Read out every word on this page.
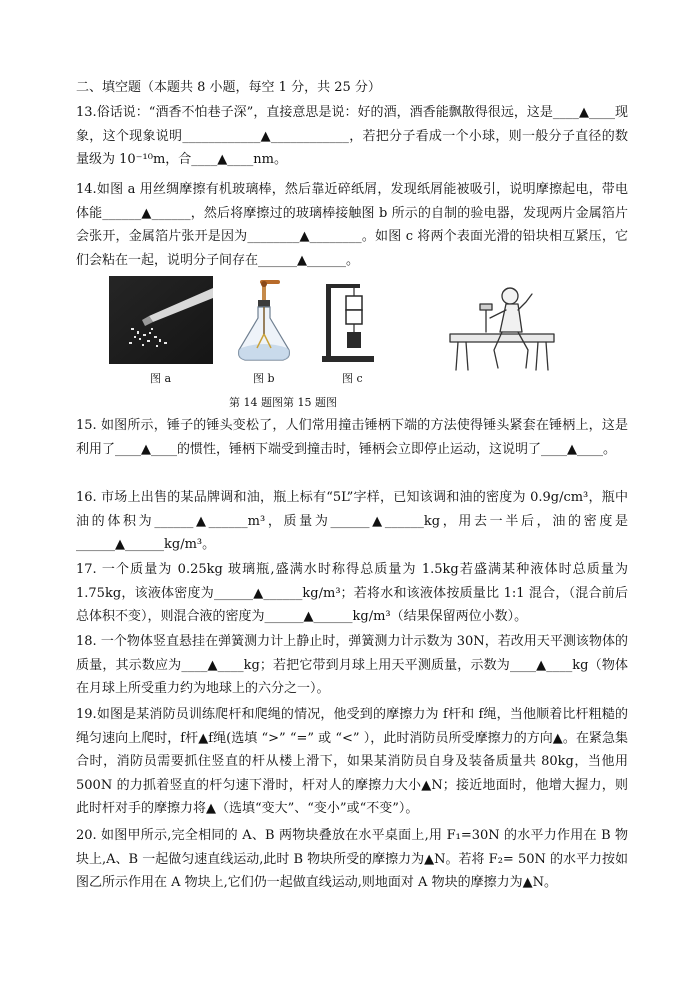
二、填空题（本题共 8 小题，每空 1 分，共 25 分）
13.俗话说：“酒香不怕巷子深”，直接意思是说：好的酒，酒香能飘散得很远，这是____▲____现象，这个现象说明____________▲____________，若把分子看成一个小球，则一般分子直径的数量级为 10⁻¹⁰m，合____▲____nm。
14.如图 a 用丝绸摩擦有机玻璃棒，然后靠近碎纸屑，发现纸屑能被吸引，说明摩擦起电，带电体能______▲______，然后将摩擦过的玻璃棒接触图 b 所示的自制的验电器，发现两片金属箔片会张开，金属箔片张开是因为________▲________。如图 c 将两个表面光滑的铅块相互紧压，它们会粘在一起，说明分子间存在______▲______。
图 a	图 b	图 c
第 14 题图第 15 题图
15. 如图所示，锤子的锤头变松了，人们常用撞击锤柄下端的方法使得锤头紧套在锤柄上，这是利用了____▲____的惯性，锤柄下端受到撞击时，锤柄会立即停止运动，这说明了____▲____。
16. 市场上出售的某品牌调和油，瓶上标有“5L”字样，已知该调和油的密度为 0.9g/cm³，瓶中油的体积为______▲______m³，质量为______▲______kg，用去一半后，油的密度是______▲______kg/m³。
17. 一个质量为 0.25kg 玻璃瓶,盛满水时称得总质量为 1.5kg若盛满某种液体时总质量为 1.75kg，该液体密度为______▲______kg/m³；若将水和该液体按质量比 1:1 混合，（混合前后总体积不变），则混合液的密度为______▲______kg/m³（结果保留两位小数）。
18. 一个物体竖直悬挂在弹簧测力计上静止时，弹簧测力计示数为 30N，若改用天平测该物体的质量，其示数应为____▲____kg；若把它带到月球上用天平测质量，示数为____▲____kg（物体在月球上所受重力约为地球上的六分之一）。
19.如图是某消防员训练爬杆和爬绳的情况，他受到的摩擦力为 f杆和 f绳，当他顺着比杆粗糙的绳匀速向上爬时，f杆▲f绳(选填 “>” “=” 或 “<” ），此时消防员所受摩擦力的方向▲。在紧急集合时，消防员需要抓住竖直的杆从楼上滑下，如果某消防员自身及装备质量共 80kg，当他用 500N 的力抓着竖直的杆匀速下滑时，杆对人的摩擦力大小▲N；接近地面时，他增大握力，则此时杆对手的摩擦力将▲（选填“变大”、“变小”或“不变”）。
20. 如图甲所示,完全相同的 A、B 两物块叠放在水平桌面上,用 F₁=30N 的水平力作用在 B 物块上,A、B 一起做匀速直线运动,此时 B 物块所受的摩擦力为▲N。若将 F₂= 50N 的水平力按如图乙所示作用在 A 物块上,它们仍一起做直线运动,则地面对 A 物块的摩擦力为▲N。
